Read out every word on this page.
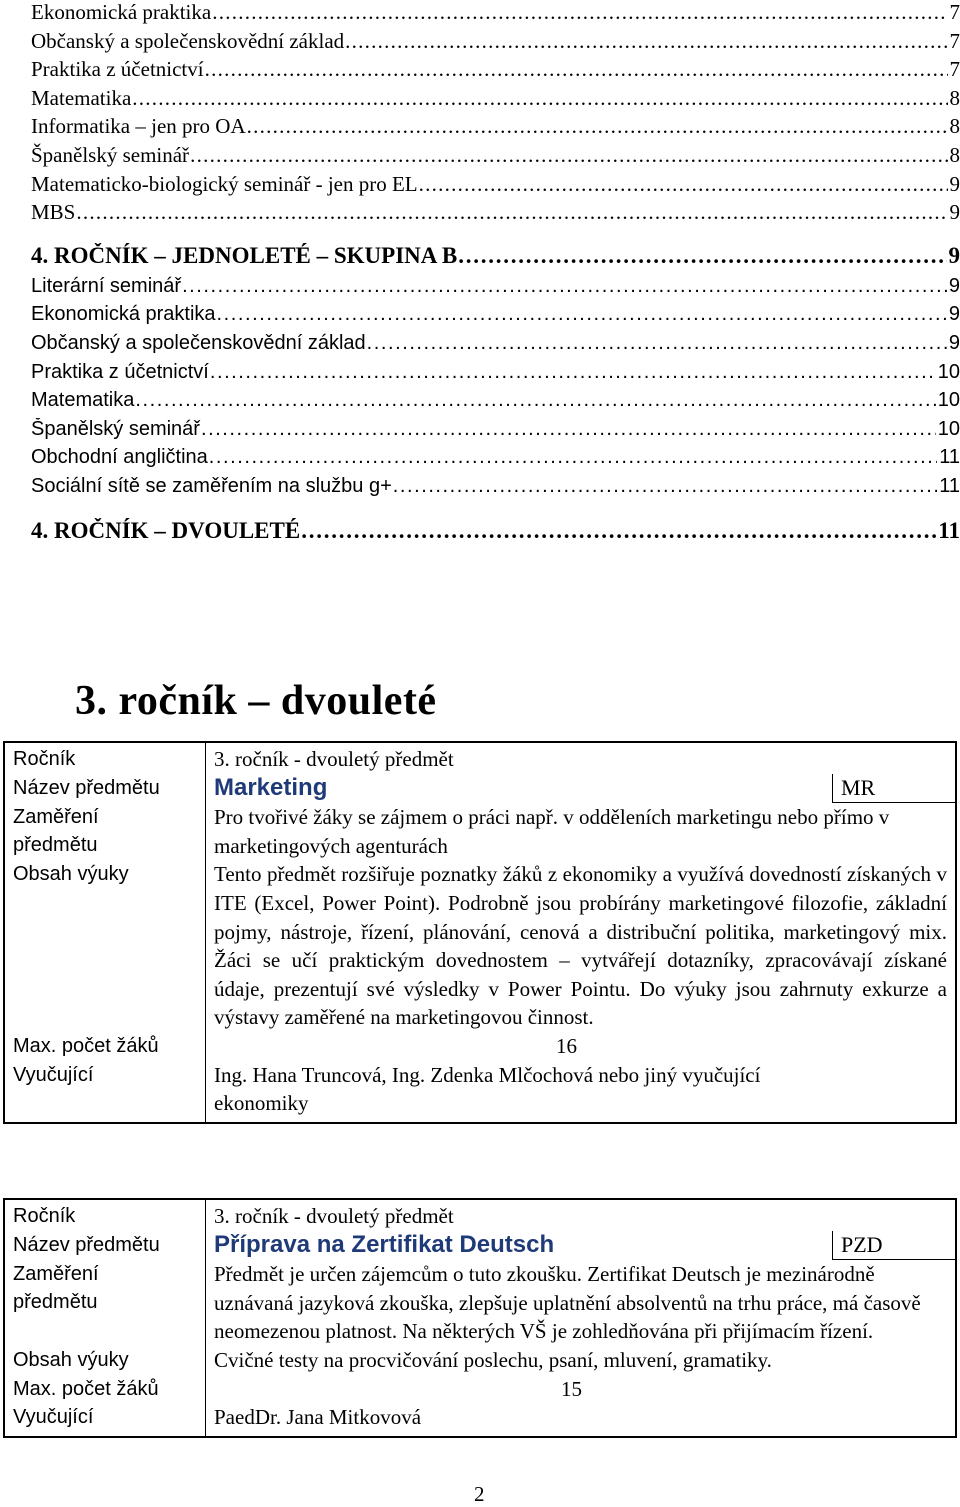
Ekonomická praktika . . .	7
Občanský a společenskovědní základ . . .	7
Praktika z účetnictví . . .	7
Matematika . . .	8
Informatika – jen pro OA . . .	8
Španělský seminář . . .	8
Matematicko-biologický seminář - jen pro EL . . .	9
MBS . . .	9
4. ROČNÍK – JEDNOLETÉ – SKUPINA B . . .	9
Literární seminář . . .	9
Ekonomická praktika . . .	9
Občanský a společenskovědní základ . . .	9
Praktika z účetnictví . . .	10
Matematika . . .	10
Španělský seminář . . .	10
Obchodní angličtina . . .	11
Sociální sítě se zaměřením na službu g+ . . .	11
4. ROČNÍK – DVOULETÉ . . .	11
3. ročník – dvouleté
Ročník	3. ročník - dvouletý předmět	
Název předmětu	Marketing	MR
Zaměření
předmětu	Pro tvořivé žáky se zájmem o práci např. v odděleních marketingu nebo přímo v marketingových agenturách	
Obsah výuky	Tento předmět rozšiřuje poznatky žáků z ekonomiky a využívá dovedností získaných v ITE (Excel, Power Point). Podrobně jsou probírány marketingové filozofie, základní pojmy, nástroje, řízení, plánování, cenová a distribuční politika, marketingový mix. Žáci se učí praktickým dovednostem – vytvářejí dotazníky, zpracovávají získané údaje, prezentují své výsledky v Power Pointu. Do výuky jsou zahrnuty exkurze a výstavy zaměřené na marketingovou činnost.	
Max. počet žáků	16	
Vyučující	Ing. Hana Truncová, Ing. Zdenka Mlčochová nebo jiný vyučující ekonomiky	
Ročník	3. ročník - dvouletý předmět	
Název předmětu	Příprava na Zertifikat Deutsch	PZD
Zaměření
předmětu	Předmět je určen zájemcům o tuto zkoušku. Zertifikat Deutsch je mezinárodně uznávaná jazyková zkouška, zlepšuje uplatnění absolventů na trhu práce, má časově neomezenou platnost. Na některých VŠ je zohledňována při přijímacím řízení.	
Obsah výuky	Cvičné testy na procvičování poslechu, psaní, mluvení, gramatiky.	
Max. počet žáků	15	
Vyučující	PaedDr. Jana Mitkovová	
2
